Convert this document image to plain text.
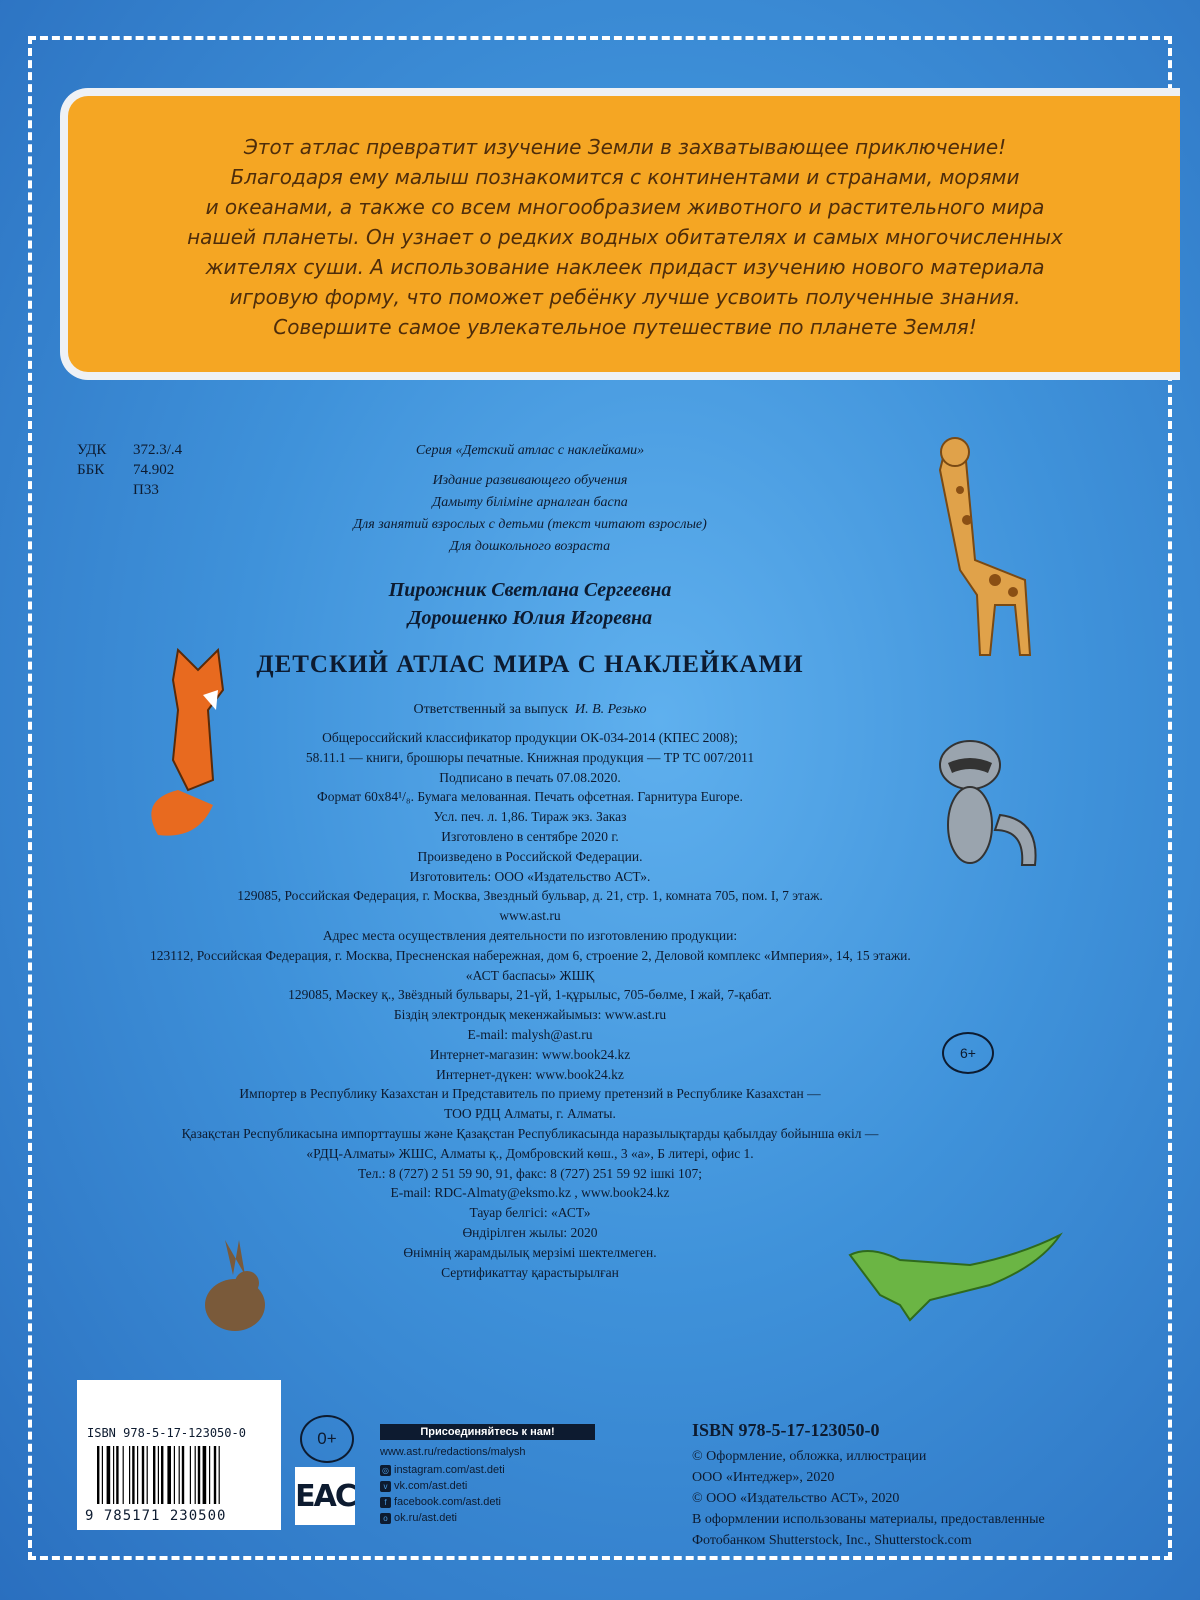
Этот атлас превратит изучение Земли в захватывающее приключение!
Благодаря ему малыш познакомится с континентами и странами, морями
и океанами, а также со всем многообразием животного и растительного мира
нашей планеты. Он узнает о редких водных обитателях и самых многочисленных
жителях суши. А использование наклеек придаст изучению нового материала
игровую форму, что поможет ребёнку лучше усвоить полученные знания.
Совершите самое увлекательное путешествие по планете Земля!
УДК 372.3/.4
ББК 74.902
П33
Серия «Детский атлас с наклейками»
Издание развивающего обучения
Дамыту біліміне арналған баспа
Для занятий взрослых с детьми (текст читают взрослые)
Для дошкольного возраста
Пирожник Светлана Сергеевна
Дорошенко Юлия Игоревна
ДЕТСКИЙ АТЛАС МИРА С НАКЛЕЙКАМИ
Ответственный за выпуск И. В. Резько
Общероссийский классификатор продукции ОК-034-2014 (КПЕС 2008);
58.11.1 — книги, брошюры печатные. Книжная продукция — ТР ТС 007/2011
Подписано в печать 07.08.2020.
Формат 60х84¹/₈. Бумага мелованная. Печать офсетная. Гарнитура Europe.
Усл. печ. л. 1,86. Тираж экз. Заказ
Изготовлено в сентябре 2020 г.
Произведено в Российской Федерации.
Изготовитель: ООО «Издательство АСТ».
129085, Российская Федерация, г. Москва, Звездный бульвар, д. 21, стр. 1, комната 705, пом. I, 7 этаж.
www.ast.ru
Адрес места осуществления деятельности по изготовлению продукции:
123112, Российская Федерация, г. Москва, Пресненская набережная, дом 6, строение 2, Деловой комплекс «Империя», 14, 15 этажи.
«АСТ баспасы» ЖШҚ
129085, Мәскеу қ., Звёздный бульвары, 21-үй, 1-құрылыс, 705-бөлме, I жай, 7-қабат.
Біздің электрондық мекенжайымыз: www.ast.ru
E-mail: malysh@ast.ru
Интернет-магазин: www.book24.kz
Интернет-дүкен: www.book24.kz
Импортер в Республику Казахстан и Представитель по приему претензий в Республике Казахстан —
ТОО РДЦ Алматы, г. Алматы.
Қазақстан Республикасына импорттаушы және Қазақстан Республикасында наразылықтарды қабылдау бойынша өкіл —
«РДЦ-Алматы» ЖШС, Алматы қ., Домбровский көш., 3 «а», Б литері, офис 1.
Тел.: 8 (727) 2 51 59 90, 91, факс: 8 (727) 251 59 92 ішкі 107;
E-mail: RDC-Almaty@eksmo.kz , www.book24.kz
Тауар белгісі: «АСТ»
Өндірілген жылы: 2020
Өнімнің жарамдылық мерзімі шектелмеген.
Сертификаттау қарастырылған
6+
ISBN 978-5-17-123050-0
9 785171 230500
0+
EAC
Присоединяйтесь к нам!
www.ast.ru/redactions/malysh
◎ instagram.com/ast.deti
v vk.com/ast.deti
f facebook.com/ast.deti
o ok.ru/ast.deti
ISBN 978-5-17-123050-0
© Оформление, обложка, иллюстрации
ООО «Интеджер», 2020
© ООО «Издательство АСТ», 2020
В оформлении использованы материалы, предоставленные
Фотобанком Shutterstock, Inc., Shutterstock.com
